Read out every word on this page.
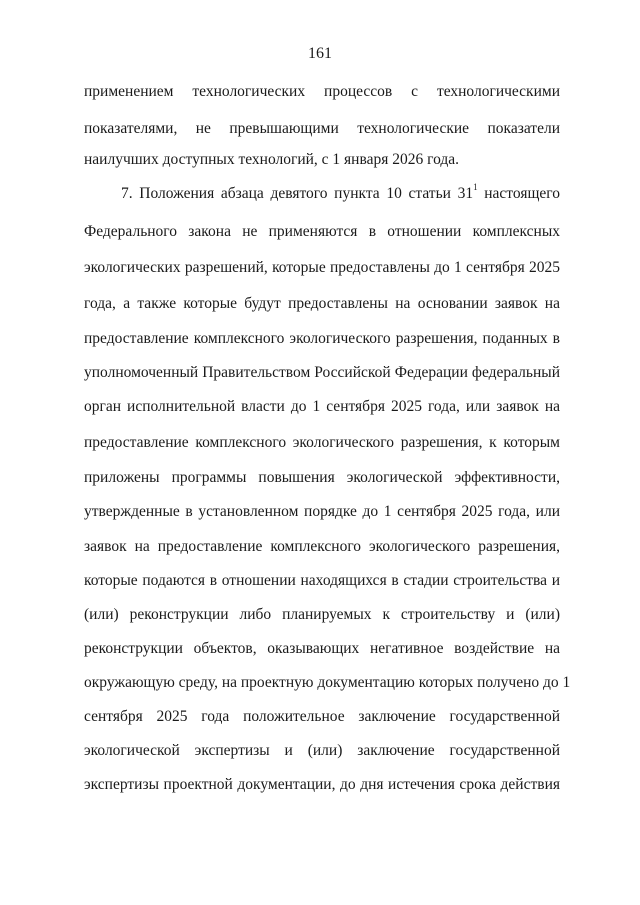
161
применением технологических процессов с технологическими
показателями, не превышающими технологические показатели
наилучших доступных технологий, с 1 января 2026 года.
7. Положения абзаца девятого пункта 10 статьи $31^1$ настоящего
Федерального закона не применяются в отношении комплексных
экологических разрешений, которые предоставлены до 1 сентября 2025
года, а также которые будут предоставлены на основании заявок на
предоставление комплексного экологического разрешения, поданных в
уполномоченный Правительством Российской Федерации федеральный
орган исполнительной власти до 1 сентября 2025 года, или заявок на
предоставление комплексного экологического разрешения, к которым
приложены программы повышения экологической эффективности,
утвержденные в установленном порядке до 1 сентября 2025 года, или
заявок на предоставление комплексного экологического разрешения,
которые подаются в отношении находящихся в стадии строительства и
(или) реконструкции либо планируемых к строительству и (или)
реконструкции объектов, оказывающих негативное воздействие на
окружающую среду, на проектную документацию которых получено до 1
сентября 2025 года положительное заключение государственной
экологической экспертизы и (или) заключение государственной
экспертизы проектной документации, до дня истечения срока действия
